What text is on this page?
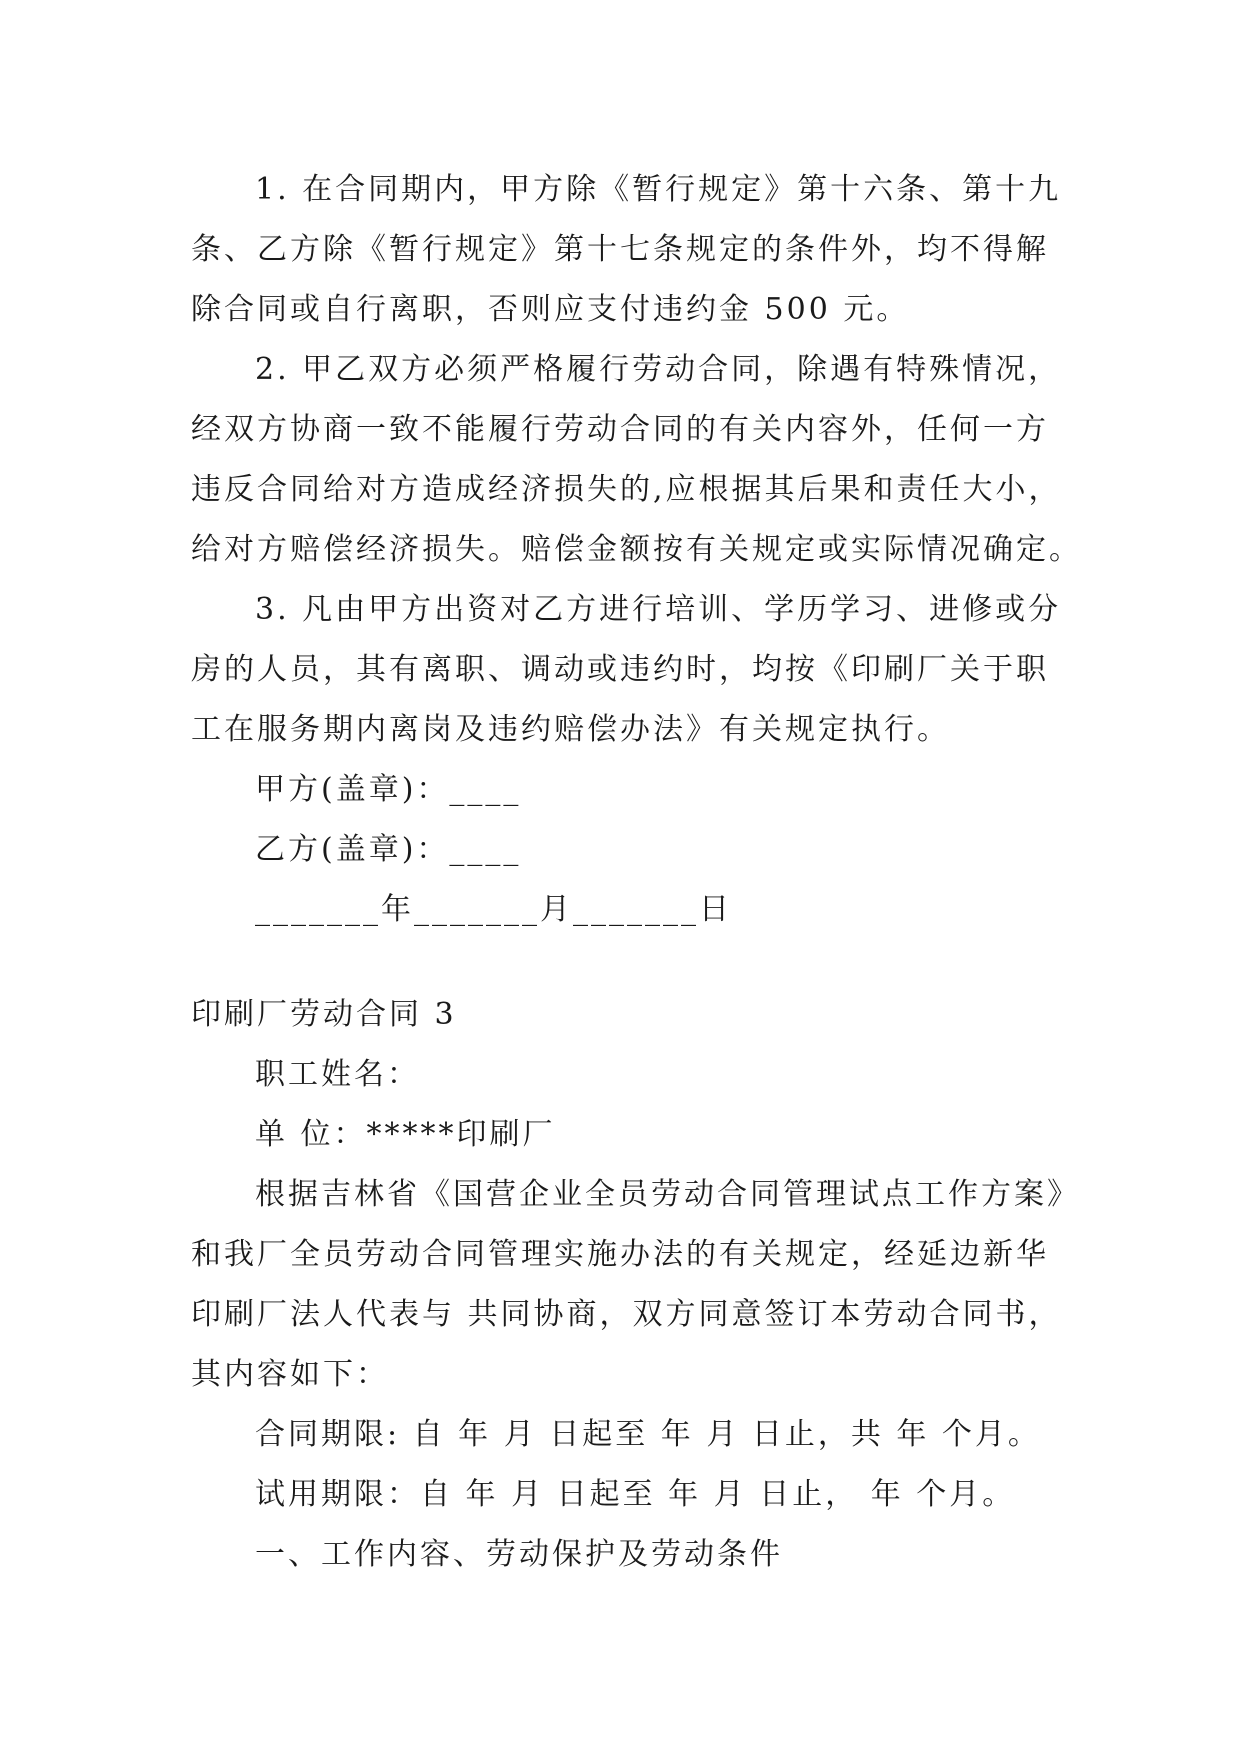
1. 在合同期内，甲方除《暂行规定》第十六条、第十九
条、乙方除《暂行规定》第十七条规定的条件外，均不得解
除合同或自行离职，否则应支付违约金 500 元。
2. 甲乙双方必须严格履行劳动合同，除遇有特殊情况，
经双方协商一致不能履行劳动合同的有关内容外，任何一方
违反合同给对方造成经济损失的,应根据其后果和责任大小，
给对方赔偿经济损失。赔偿金额按有关规定或实际情况确定。
3. 凡由甲方出资对乙方进行培训、学历学习、进修或分
房的人员，其有离职、调动或违约时，均按《印刷厂关于职
工在服务期内离岗及违约赔偿办法》有关规定执行。
甲方(盖章)：____
乙方(盖章)：____
_______年_______月_______日
印刷厂劳动合同 3
职工姓名：
单 位：*****印刷厂
根据吉林省《国营企业全员劳动合同管理试点工作方案》
和我厂全员劳动合同管理实施办法的有关规定，经延边新华
印刷厂法人代表与 共同协商，双方同意签订本劳动合同书，
其内容如下：
合同期限: 自 年 月 日起至 年 月 日止，共 年 个月。
试用期限：自 年 月 日起至 年 月 日止， 年 个月。
一、工作内容、劳动保护及劳动条件
